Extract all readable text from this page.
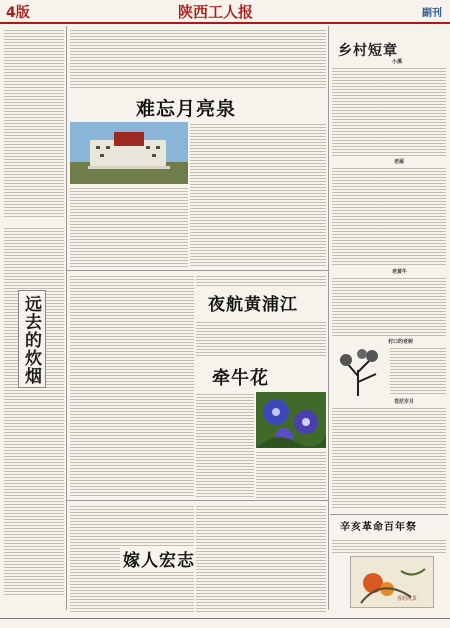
4版	陕西工人报	副刊
远去的炊烟
难忘月亮泉
夜航黄浦江
牵牛花
嫁人宏志
乡村短章
小溪
老屋
老黄牛
村口的老树
苍茫岁月
辛亥革命百年祭
香的风景
